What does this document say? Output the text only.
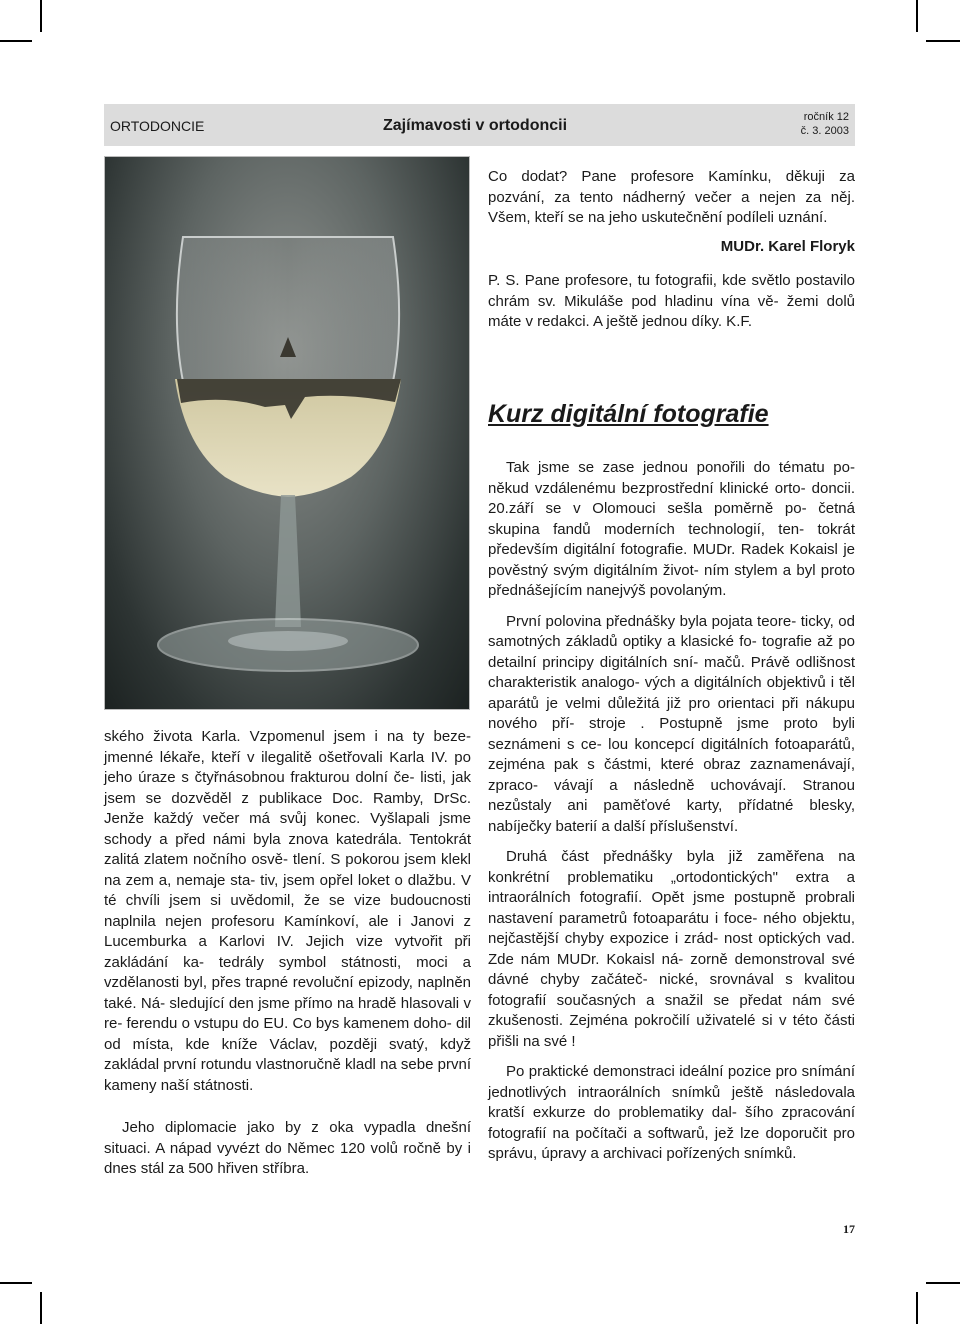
ORTODONCIE	Zajímavosti v ortodoncii	ročník 12
č. 3. 2003

Co dodat? Pane profesore Kamínku, děkuji za pozvání, za tento nádherný večer a nejen za něj. Všem, kteří se na jeho uskutečnění podíleli uznání.

MUDr. Karel Floryk

P. S. Pane profesore, tu fotografii, kde světlo postavilo chrám sv. Mikuláše pod hladinu vína vě- žemi dolů máte v redakci. A ještě jednou díky. K.F.

Kurz digitální fotografie

Tak jsme se zase jednou ponořili do tématu po- někud vzdálenému bezprostřední klinické orto- doncii. 20.září se v Olomouci sešla poměrně po- četná skupina fandů moderních technologií, ten- tokrát především digitální fotografie. MUDr. Radek Kokaisl je pověstný svým digitálním život- ním stylem a byl proto přednášejícím nanejvýš povolaným.

První polovina přednášky byla pojata teore- ticky, od samotných základů optiky a klasické fo- tografie až po detailní principy digitálních sní- mačů. Právě odlišnost charakteristik analogo- vých a digitálních objektivů i těl aparátů je velmi důležitá již pro orientaci při nákupu nového pří- stroje . Postupně jsme proto byli seznámeni s ce- lou koncepcí digitálních fotoaparátů, zejména pak s částmi, které obraz zaznamenávají, zpraco- vávají a následně uchovávají. Stranou nezůstaly ani paměťové karty, přídatné blesky, nabíječky baterií a další příslušenství.

Druhá část přednášky byla již zaměřena na konkrétní problematiku „ortodontických" extra a intraorálních fotografií. Opět jsme postupně probrali nastavení parametrů fotoaparátu i foce- ného objektu, nejčastější chyby expozice i zrád- nost optických vad. Zde nám MUDr. Kokaisl ná- zorně demonstroval své dávné chyby začáteč- nické, srovnával s kvalitou fotografií současných a snažil se předat nám své zkušenosti. Zejména pokročilí uživatelé si v této části přišli na své !

Po praktické demonstraci ideální pozice pro snímání jednotlivých intraorálních snímků ještě následovala kratší exkurze do problematiky dal- šího zpracování fotografií na počítači a softwarů, jež lze doporučit pro správu, úpravy a archivaci pořízených snímků.

ského života Karla. Vzpomenul jsem i na ty beze- jmenné lékaře, kteří v ilegalitě ošetřovali Karla IV. po jeho úraze s čtyřnásobnou frakturou dolní če- listi, jak jsem se dozvěděl z publikace Doc. Ramby, DrSc. Jenže každý večer má svůj konec. Vyšlapali jsme schody a před námi byla znova katedrála. Tentokrát zalitá zlatem nočního osvě- tlení. S pokorou jsem klekl na zem a, nemaje sta- tiv, jsem opřel loket o dlažbu. V té chvíli jsem si uvědomil, že se vize budoucnosti naplnila nejen profesoru Kamínkoví, ale i Janovi z Lucemburka a Karlovi IV. Jejich vize vytvořit při zakládání ka- tedrály symbol státnosti, moci a vzdělanosti byl, přes trapné revoluční epizody, naplněn také. Ná- sledující den jsme přímo na hradě hlasovali v re- ferendu o vstupu do EU. Co bys kamenem doho- dil od místa, kde kníže Václav, později svatý, když zakládal první rotundu vlastnoručně kladl na sebe první kameny naší státnosti.

Jeho diplomacie jako by z oka vypadla dnešní situaci. A nápad vyvézt do Němec 120 volů ročně by i dnes stál za 500 hřiven stříbra.

17
